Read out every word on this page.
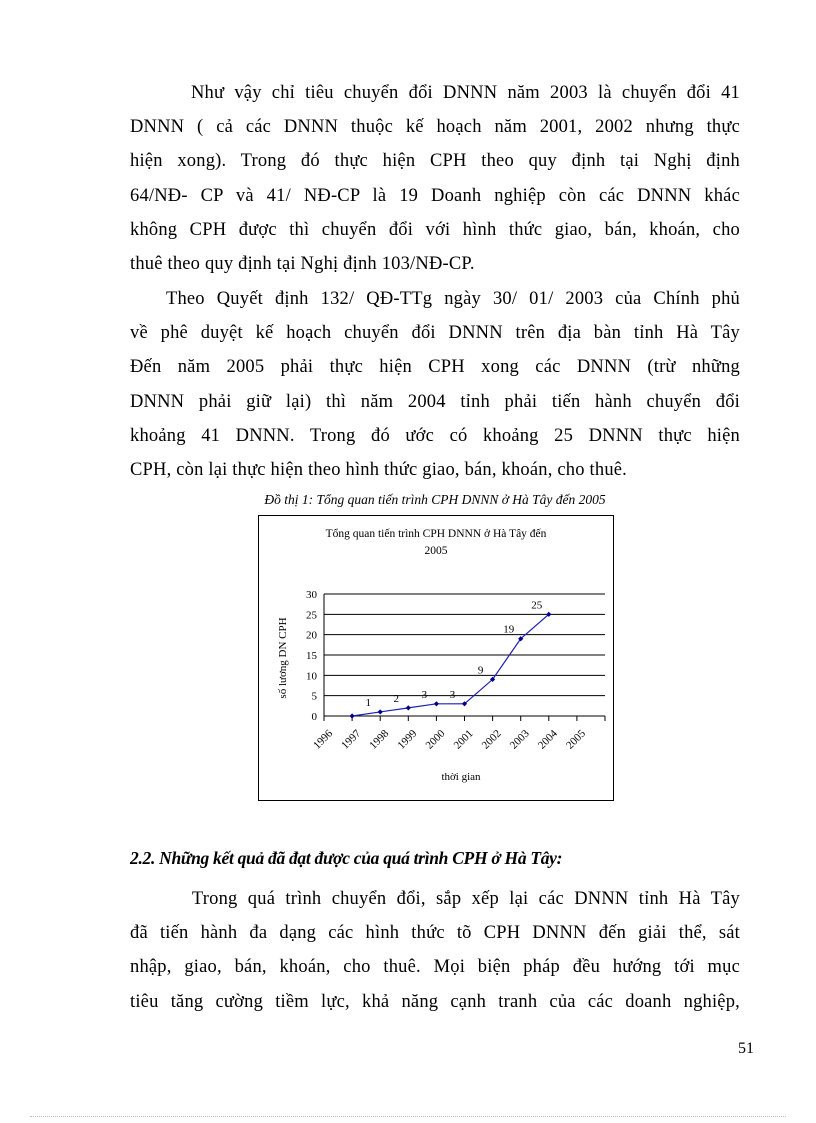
Như vậy chỉ tiêu chuyển đổi DNNN năm 2003 là chuyển đổi 41
DNNN ( cả các DNNN thuộc kế hoạch năm 2001, 2002 nhưng thực
hiện xong). Trong đó thực hiện CPH theo quy định tại Nghị định
64/NĐ- CP và 41/ NĐ-CP là 19 Doanh nghiệp còn các DNNN khác
không CPH được thì chuyển đổi với hình thức giao, bán, khoán, cho
thuê theo quy định tại Nghị định 103/NĐ-CP.
Theo Quyết định 132/ QĐ-TTg ngày 30/ 01/ 2003 của Chính phủ
về phê duyệt kế hoạch chuyển đổi DNNN trên địa bàn tỉnh Hà Tây
Đến năm 2005 phải thực hiện CPH xong các DNNN (trừ những
DNNN phải giữ lại) thì năm 2004 tỉnh phải tiến hành chuyển đổi
khoảng 41 DNNN. Trong đó ước có khoảng 25 DNNN thực hiện
CPH, còn lại thực hiện theo hình thức giao, bán, khoán, cho thuê.
Đồ thị 1: Tổng quan tiến trình CPH DNNN ở Hà Tây đến 2005
Tổng quan tiến trình CPH DNNN ở Hà Tây đến
2005
0
5
10
15
20
25
30
1996 1997 1998 1999 2000 2001 2002 2003 2004 2005
1 2 3 3
9
19
25
số lương DN CPH
thời gian
2.2. Những kết quả đã đạt được của quá trình CPH ở Hà Tây:
Trong quá trình chuyển đổi, sắp xếp lại các DNNN tỉnh Hà Tây
đã tiến hành đa dạng các hình thức tõ CPH DNNN đến giải thể, sát
nhập, giao, bán, khoán, cho thuê. Mọi biện pháp đều hướng tới mục
tiêu tăng cường tiềm lực, khả năng cạnh tranh của các doanh nghiệp,
51
